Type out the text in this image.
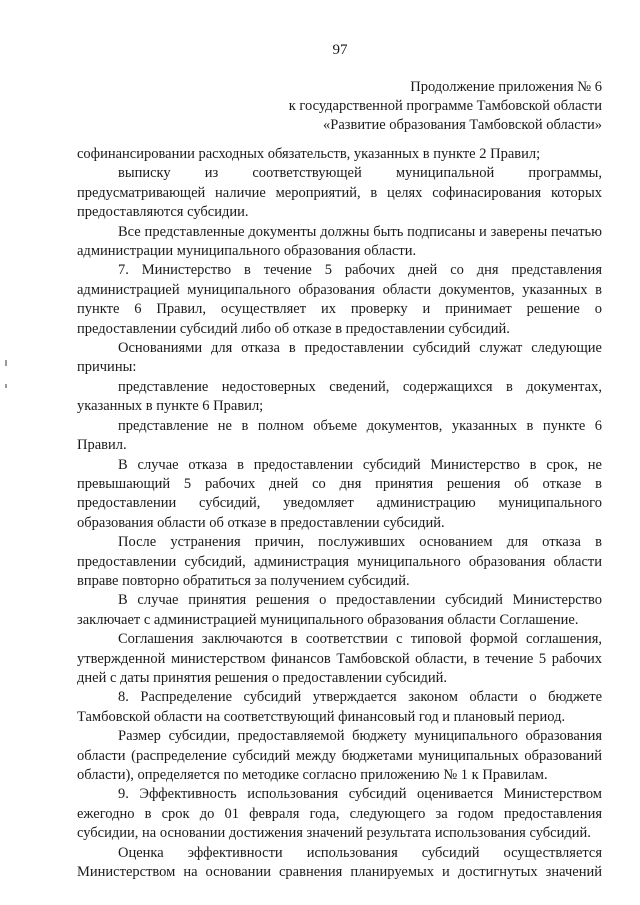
97
Продолжение приложения № 6
к государственной программе Тамбовской области
«Развитие образования Тамбовской области»

софинансировании расходных обязательств, указанных в пункте 2 Правил;

выписку из соответствующей муниципальной программы, предусматривающей наличие мероприятий, в целях софинасирования которых предоставляются субсидии.

Все представленные документы должны быть подписаны и заверены печатью администрации муниципального образования области.

7. Министерство в течение 5 рабочих дней со дня представления администрацией муниципального образования области документов, указанных в пункте 6 Правил, осуществляет их проверку и принимает решение о предоставлении субсидий либо об отказе в предоставлении субсидий.

Основаниями для отказа в предоставлении субсидий служат следующие причины:

представление недостоверных сведений, содержащихся в документах, указанных в пункте 6 Правил;

представление не в полном объеме документов, указанных в пункте 6 Правил.

В случае отказа в предоставлении субсидий Министерство в срок, не превышающий 5 рабочих дней со дня принятия решения об отказе в предоставлении субсидий, уведомляет администрацию муниципального образования области об отказе в предоставлении субсидий.

После устранения причин, послуживших основанием для отказа в предоставлении субсидий, администрация муниципального образования области вправе повторно обратиться за получением субсидий.

В случае принятия решения о предоставлении субсидий Министерство заключает с администрацией муниципального образования области Соглашение.

Соглашения заключаются в соответствии с типовой формой соглашения, утвержденной министерством финансов Тамбовской области, в течение 5 рабочих дней с даты принятия решения о предоставлении субсидий.

8. Распределение субсидий утверждается законом области о бюджете Тамбовской области на соответствующий финансовый год и плановый период.

Размер субсидии, предоставляемой бюджету муниципального образования области (распределение субсидий между бюджетами муниципальных образований области), определяется по методике согласно приложению № 1 к Правилам.

9. Эффективность использования субсидий оценивается Министерством ежегодно в срок до 01 февраля года, следующего за годом предоставления субсидии, на основании достижения значений результата использования субсидий.

Оценка эффективности использования субсидий осуществляется Министерством на основании сравнения планируемых и достигнутых значений
